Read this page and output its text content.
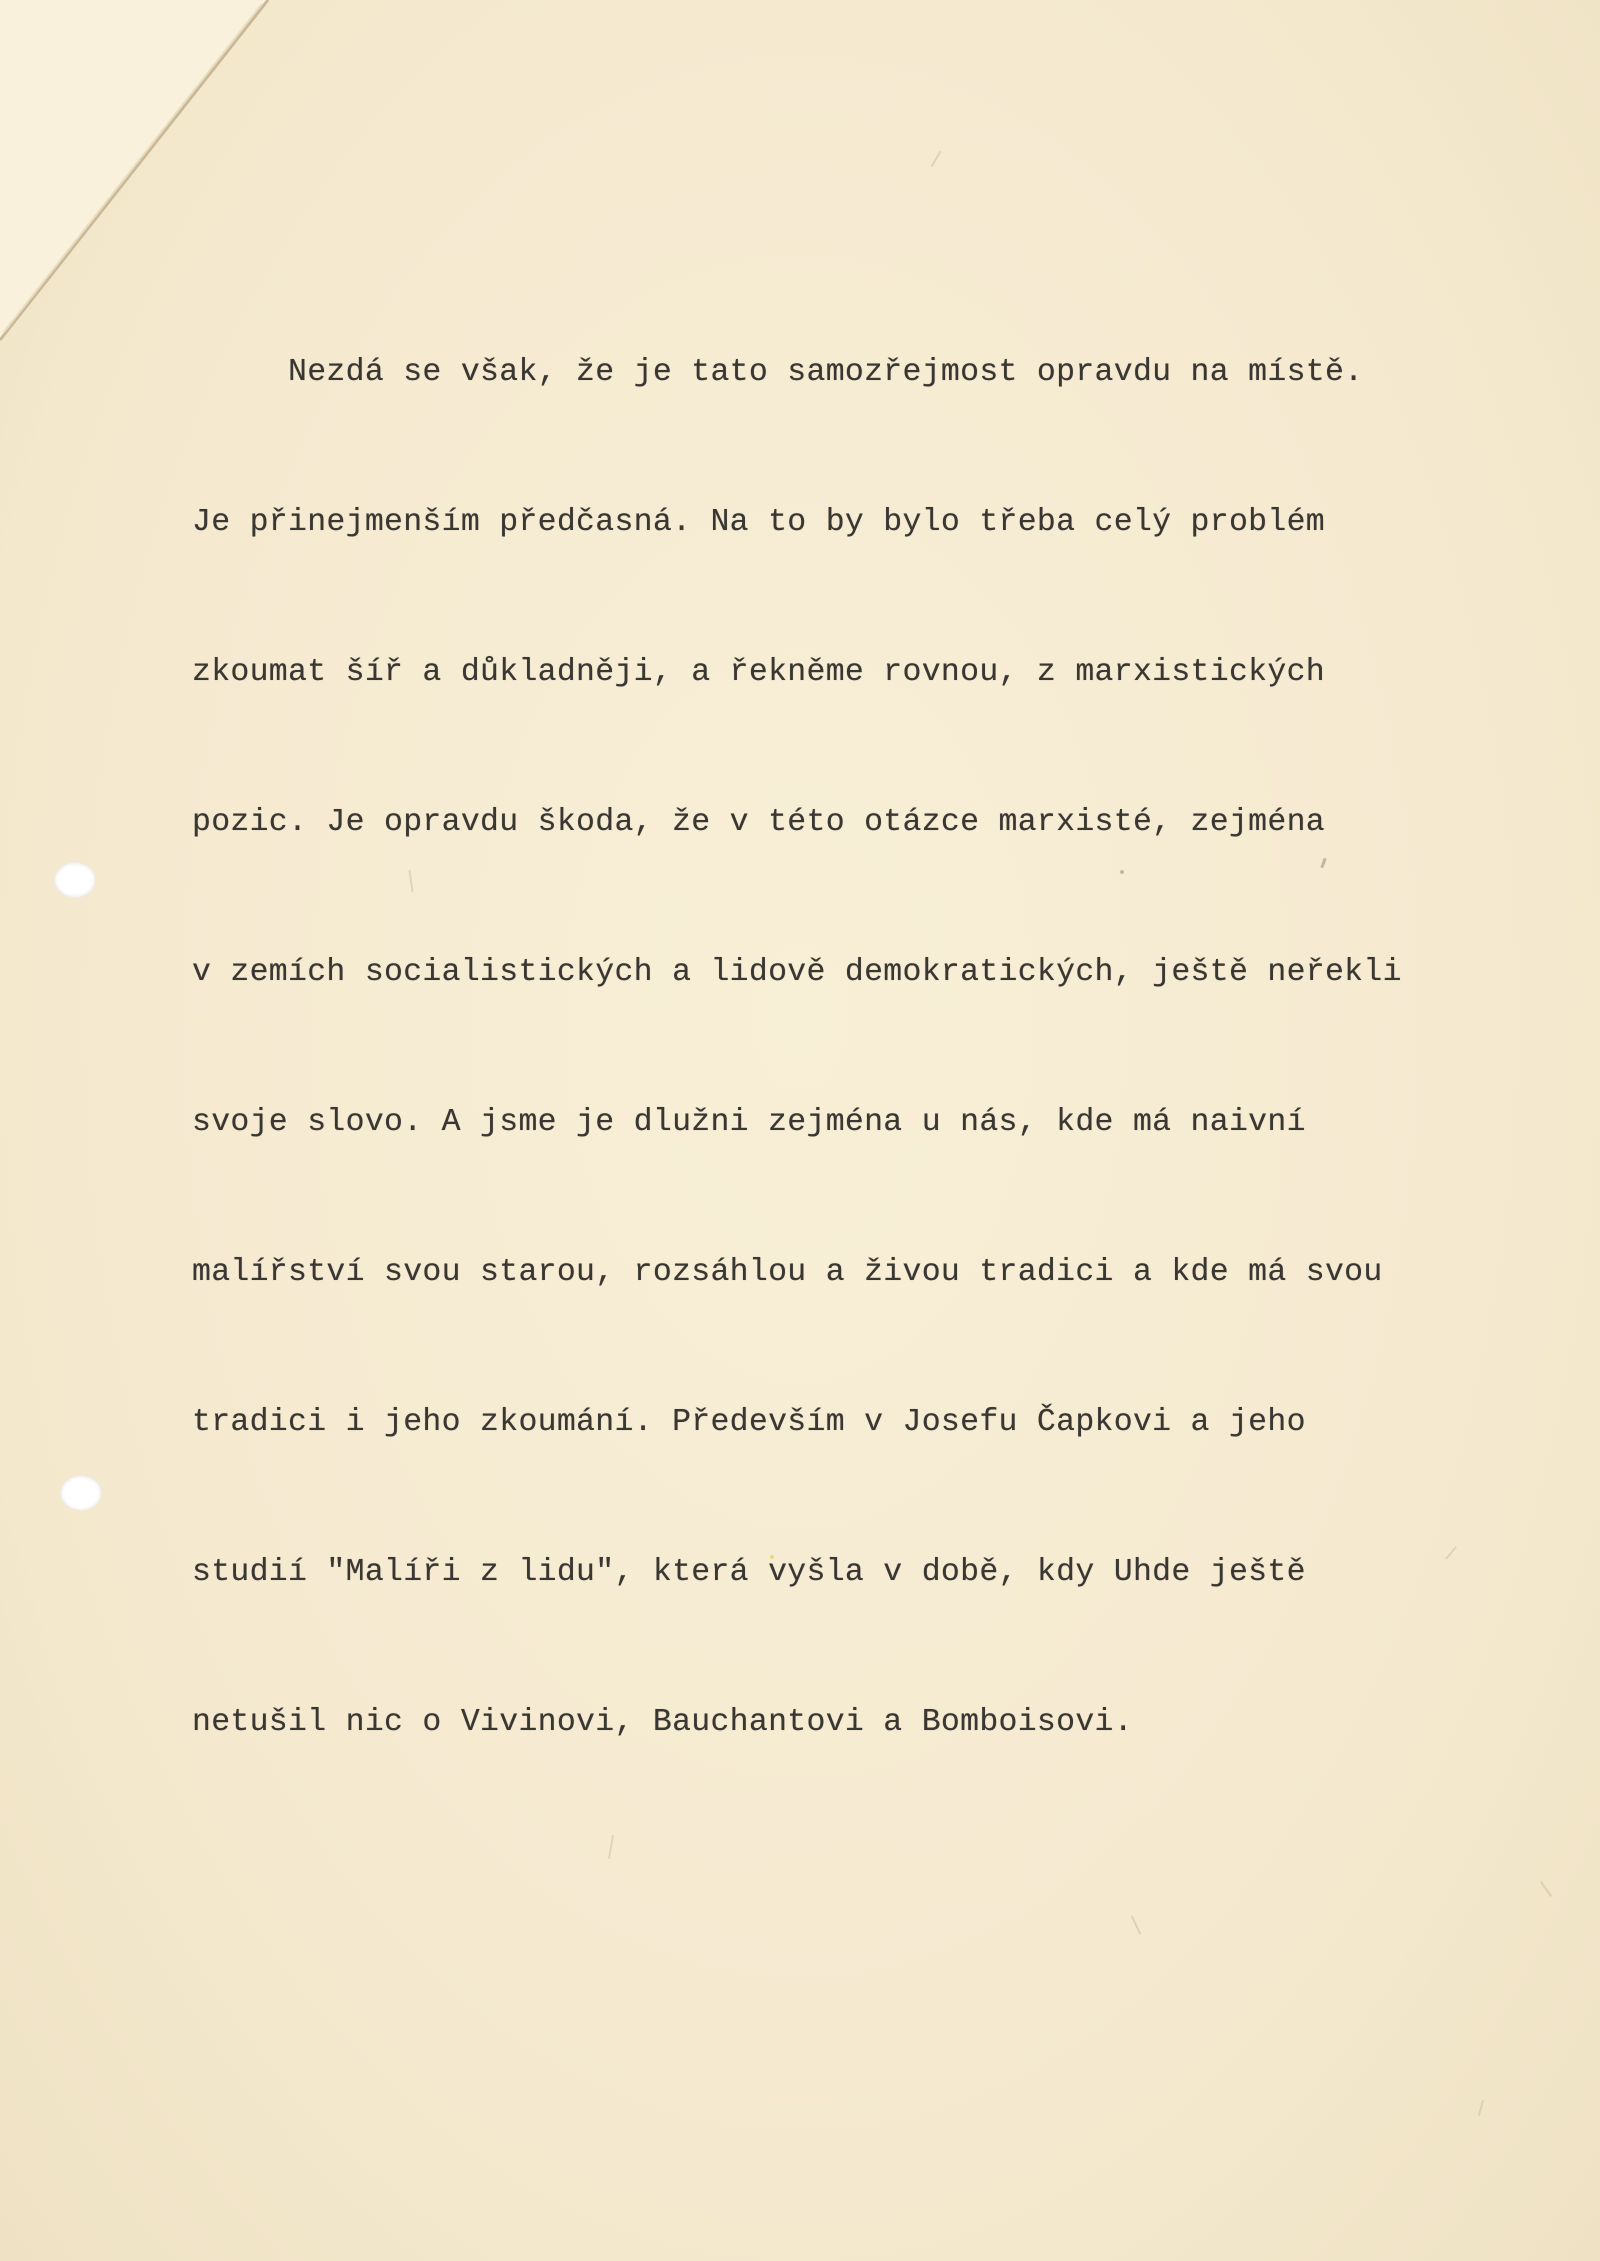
Nezdá se však, že je tato samozřejmost opravdu na místě.

Je přinejmenším předčasná. Na to by bylo třeba celý problém

zkoumat šíř a důkladněji, a řekněme rovnou, z marxistických

pozic. Je opravdu škoda, že v této otázce marxisté, zejména

v zemích socialistických a lidově demokratických, ještě neřekli

svoje slovo. A jsme je dlužni zejména u nás, kde má naivní

malířství svou starou, rozsáhlou a živou tradici a kde má svou

tradici i jeho zkoumání. Především v Josefu Čapkovi a jeho

studií "Malíři z lidu", která vyšla v době, kdy Uhde ještě

netušil nic o Vivinovi, Bauchantovi a Bomboisovi.
